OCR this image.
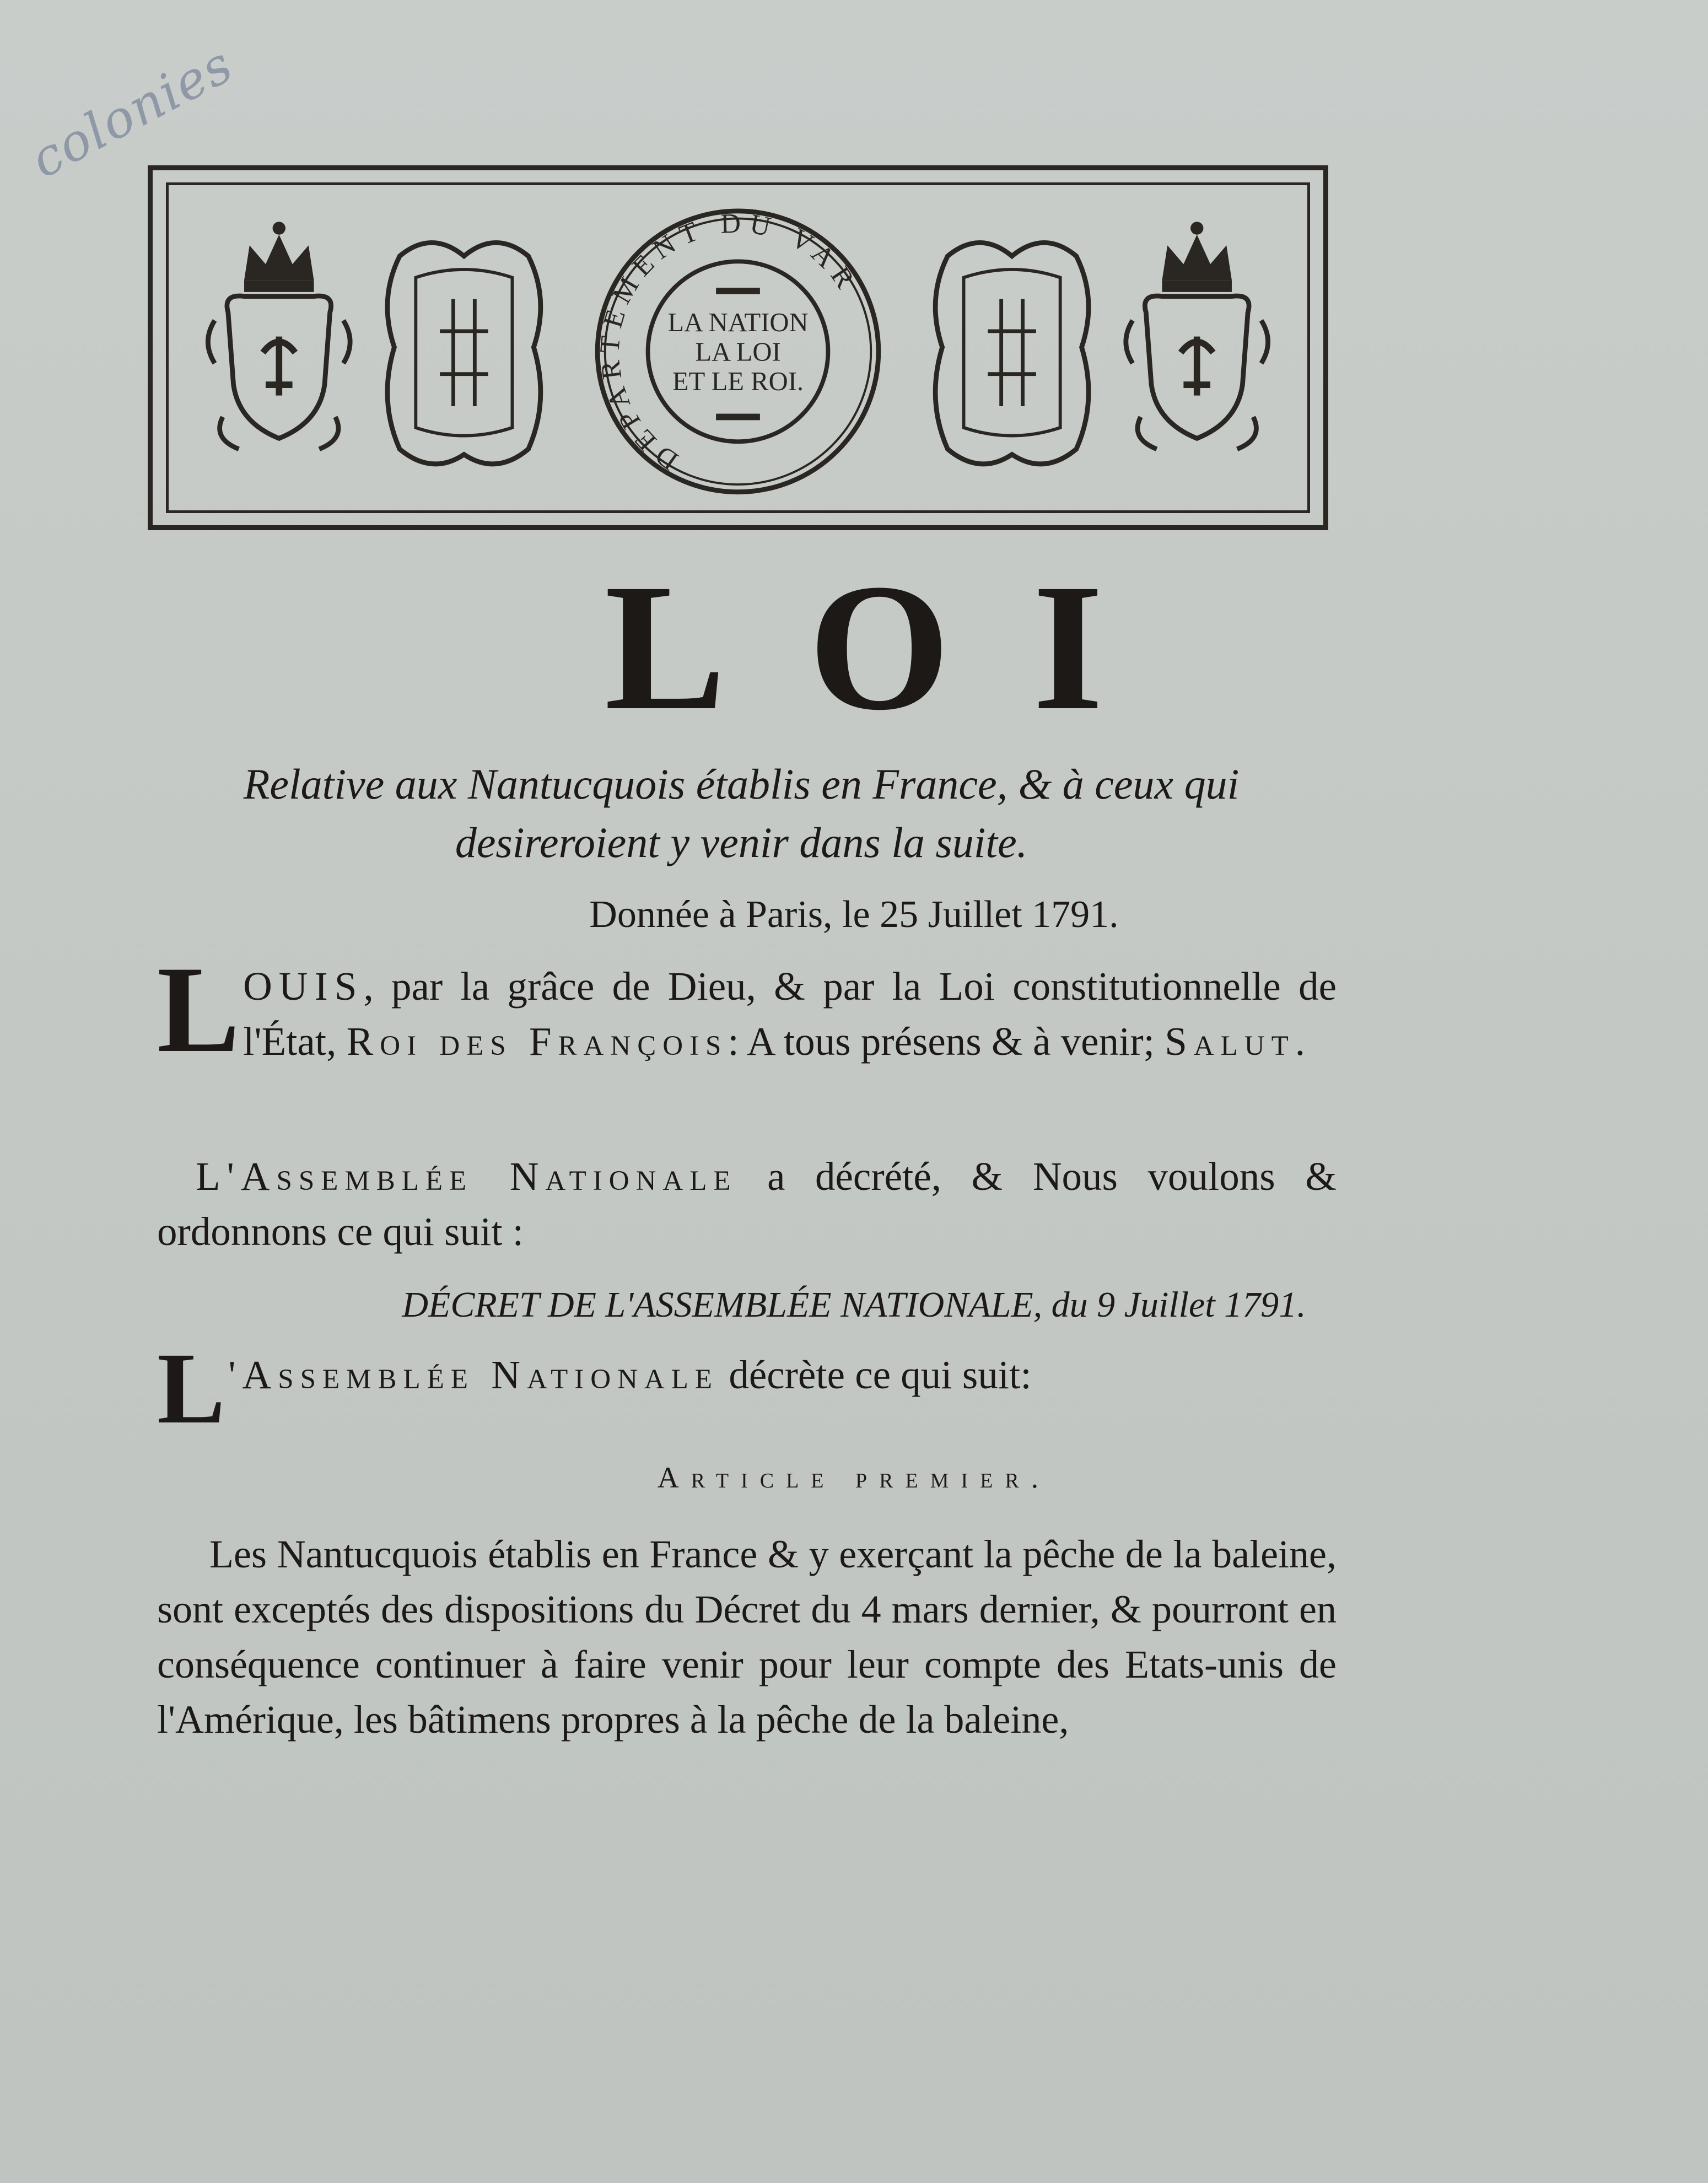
colonies
DEPARTEMENT DU VAR
LA NATION
LA LOI
ET LE ROI.
LOI
Relative aux Nantucquois établis en France, & à ceux qui desireroient y venir dans la suite.
Donnée à Paris, le 25 Juillet 1791.
LOUIS, par la grâce de Dieu, & par la Loi constitutionnelle de l'État, Roi des François: A tous présens & à venir; Salut.
L'Assemblée Nationale a décrété, & Nous voulons & ordonnons ce qui suit :
DÉCRET DE L'ASSEMBLÉE NATIONALE, du 9 Juillet 1791.
L 'Assemblée Nationale décrète ce qui suit:
Article premier.
Les Nantucquois établis en France & y exerçant la pêche de la baleine, sont exceptés des dispositions du Décret du 4 mars dernier, & pourront en conséquence continuer à faire venir pour leur compte des Etats-unis de l'Amérique, les bâtimens propres à la pêche de la baleine,
